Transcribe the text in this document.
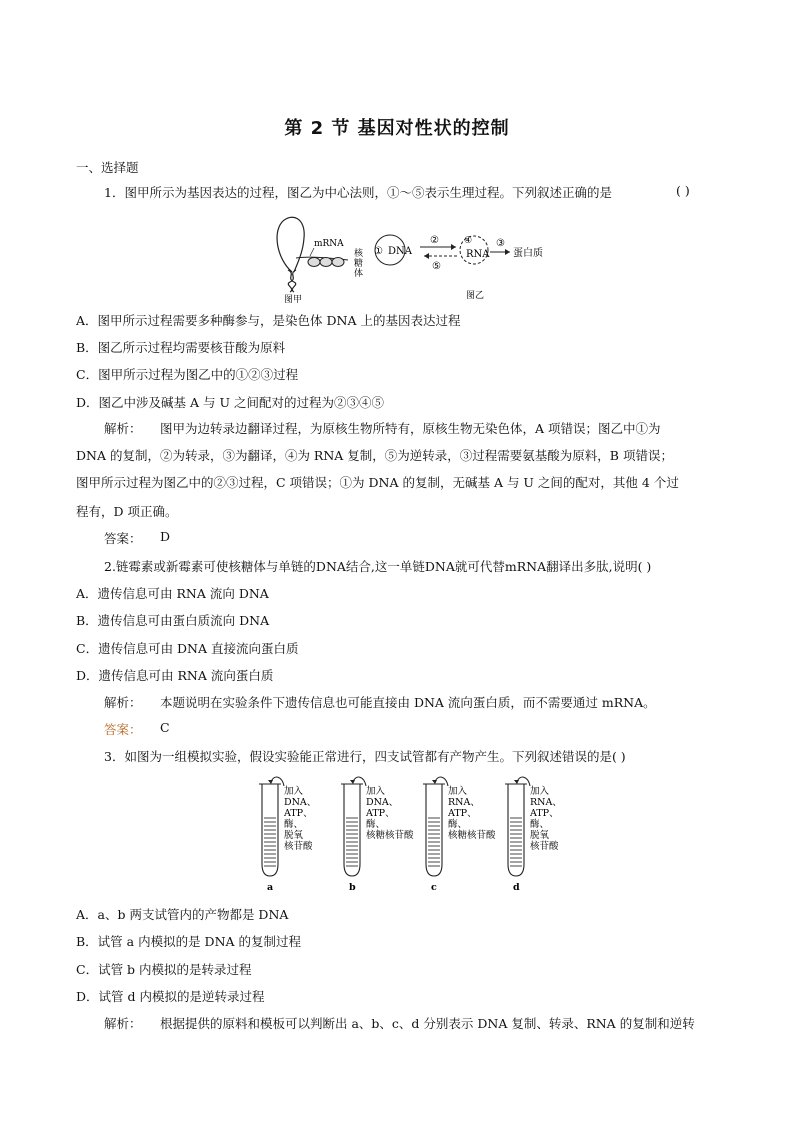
第 2 节 基因对性状的控制
一、选择题
1．图甲所示为基因表达的过程，图乙为中心法则，①～⑤表示生理过程。下列叙述正确的是	( )
mRNA
核
糖
体
图甲
① DNA
②
⑤
④
RNA
③
蛋白质
图乙
A．图甲所示过程需要多种酶参与，是染色体 DNA 上的基因表达过程
B．图乙所示过程均需要核苷酸为原料
C．图甲所示过程为图乙中的①②③过程
D．图乙中涉及碱基 A 与 U 之间配对的过程为②③④⑤
解析： 图甲为边转录边翻译过程，为原核生物所特有，原核生物无染色体，A 项错误；图乙中①为
DNA 的复制，②为转录，③为翻译，④为 RNA 复制，⑤为逆转录，③过程需要氨基酸为原料，B 项错误；
图甲所示过程为图乙中的②③过程，C 项错误；①为 DNA 的复制，无碱基 A 与 U 之间的配对，其他 4 个过
程有，D 项正确。
答案： D
2.链霉素或新霉素可使核糖体与单链的DNA结合,这一单链DNA就可代替mRNA翻译出多肽,说明( )
A．遗传信息可由 RNA 流向 DNA
B．遗传信息可由蛋白质流向 DNA
C．遗传信息可由 DNA 直接流向蛋白质
D．遗传信息可由 RNA 流向蛋白质
解析： 本题说明在实验条件下遗传信息也可能直接由 DNA 流向蛋白质，而不需要通过 mRNA。
答案： C
3．如图为一组模拟实验，假设实验能正常进行，四支试管都有产物产生。下列叙述错误的是( )
加入
DNA、
ATP、
酶、
脱氧
核苷酸
a
加入
DNA、
ATP、
酶、
核糖核苷酸
b
加入
RNA、
ATP、
酶、
核糖核苷酸
c
加入
RNA、
ATP、
酶、
脱氧
核苷酸
d
A．a、b 两支试管内的产物都是 DNA
B．试管 a 内模拟的是 DNA 的复制过程
C．试管 b 内模拟的是转录过程
D．试管 d 内模拟的是逆转录过程
解析： 根据提供的原料和模板可以判断出 a、b、c、d 分别表示 DNA 复制、转录、RNA 的复制和逆转
